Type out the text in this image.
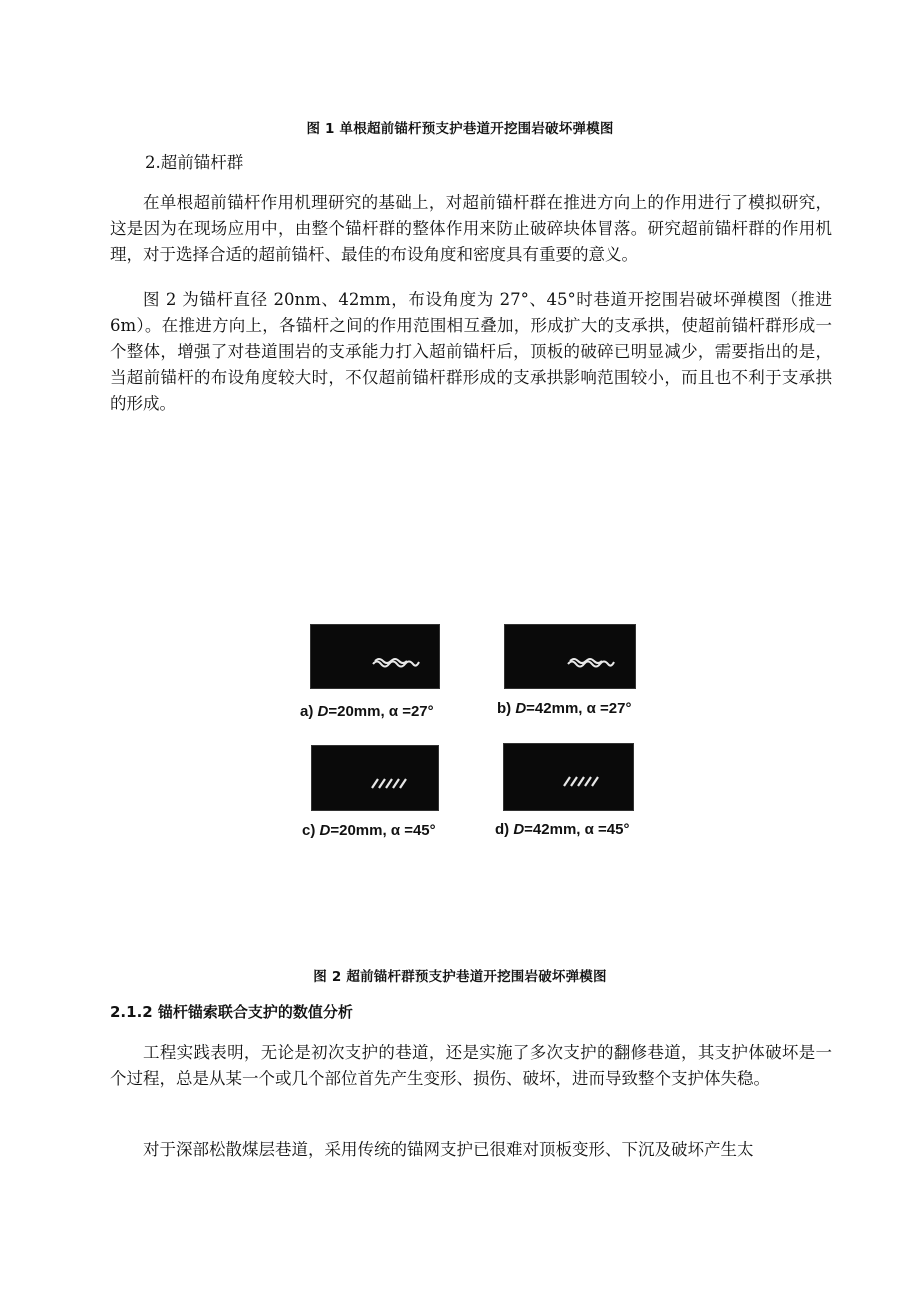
图 1 单根超前锚杆预支护巷道开挖围岩破坏弹模图
2.超前锚杆群

在单根超前锚杆作用机理研究的基础上，对超前锚杆群在推进方向上的作用进行了模拟研究，这是因为在现场应用中，由整个锚杆群的整体作用来防止破碎块体冒落。研究超前锚杆群的作用机理，对于选择合适的超前锚杆、最佳的布设角度和密度具有重要的意义。

图 2 为锚杆直径 20nm、42mm，布设角度为 27°、45°时巷道开挖围岩破坏弹模图（推进 6m）。在推进方向上，各锚杆之间的作用范围相互叠加，形成扩大的支承拱，使超前锚杆群形成一个整体，增强了对巷道围岩的支承能力打入超前锚杆后，顶板的破碎已明显减少，需要指出的是，当超前锚杆的布设角度较大时，不仅超前锚杆群形成的支承拱影响范围较小，而且也不利于支承拱的形成。

a) D=20mm, α =27°	b) D=42mm, α =27°
c) D=20mm, α =45°	d) D=42mm, α =45°
图 2 超前锚杆群预支护巷道开挖围岩破坏弹模图
2.1.2 锚杆锚索联合支护的数值分析

工程实践表明，无论是初次支护的巷道，还是实施了多次支护的翻修巷道，其支护体破坏是一个过程，总是从某一个或几个部位首先产生变形、损伤、破坏，进而导致整个支护体失稳。

对于深部松散煤层巷道，采用传统的锚网支护已很难对顶板变形、下沉及破坏产生太
